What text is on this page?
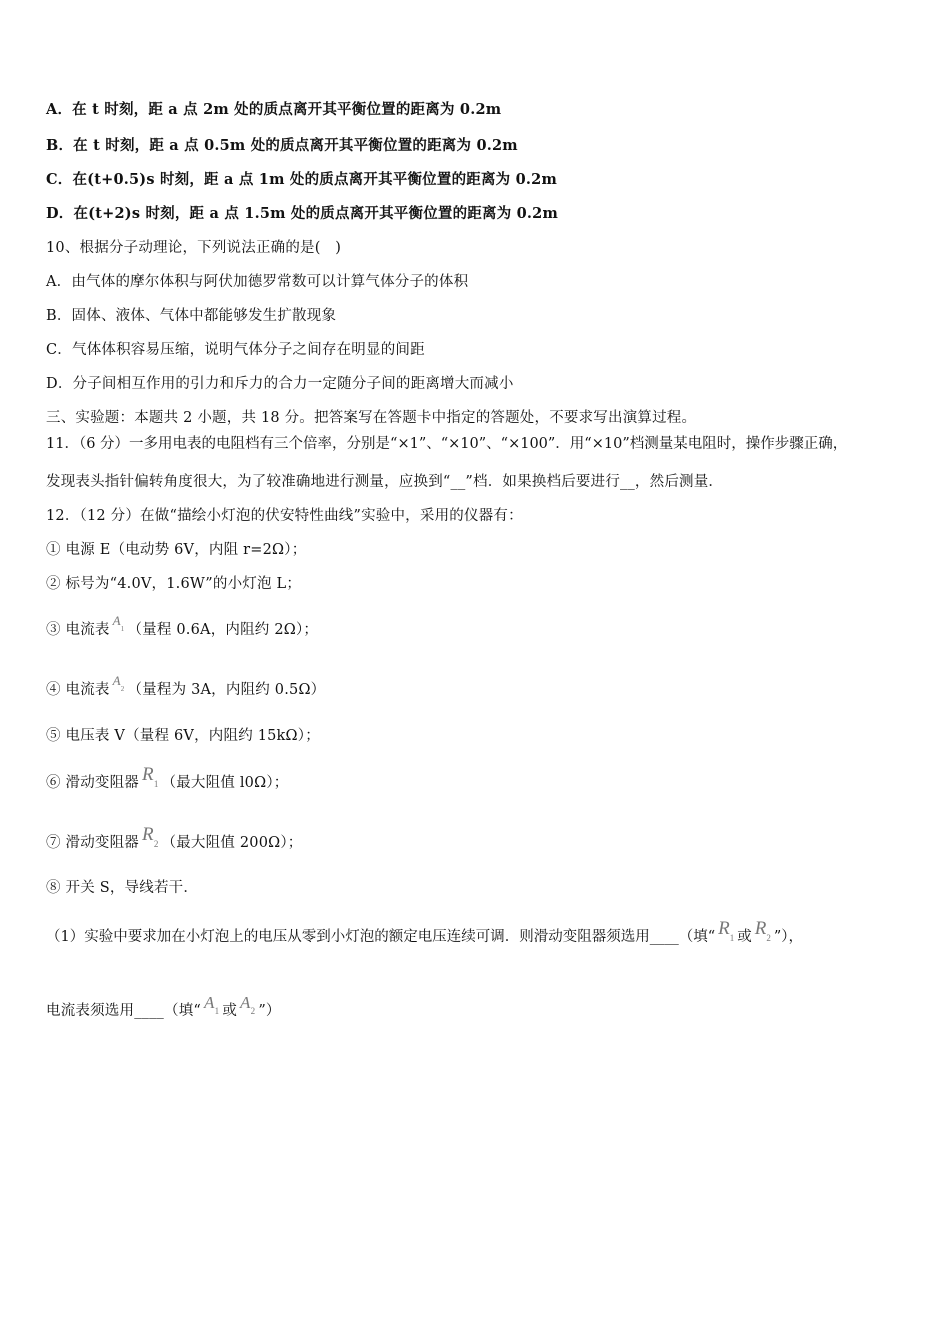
A．在 t 时刻，距 a 点 2m 处的质点离开其平衡位置的距离为 0.2m
B．在 t 时刻，距 a 点 0.5m 处的质点离开其平衡位置的距离为 0.2m
C．在(t+0.5)s 时刻，距 a 点 1m 处的质点离开其平衡位置的距离为 0.2m
D．在(t+2)s 时刻，距 a 点 1.5m 处的质点离开其平衡位置的距离为 0.2m
10、根据分子动理论，下列说法正确的是(　)
A．由气体的摩尔体积与阿伏加德罗常数可以计算气体分子的体积
B．固体、液体、气体中都能够发生扩散现象
C．气体体积容易压缩，说明气体分子之间存在明显的间距
D．分子间相互作用的引力和斥力的合力一定随分子间的距离增大而减小
三、实验题：本题共 2 小题，共 18 分。把答案写在答题卡中指定的答题处，不要求写出演算过程。
11．（6 分）一多用电表的电阻档有三个倍率，分别是“×1”、“×10”、“×100”．用“×10”档测量某电阻时，操作步骤正确，
发现表头指针偏转角度很大，为了较准确地进行测量，应换到“__”档．如果换档后要进行__，然后测量．
12．（12 分）在做“描绘小灯泡的伏安特性曲线”实验中，采用的仪器有：
① 电源 E（电动势 6V，内阻 r=2Ω）；
② 标号为“4.0V，1.6W”的小灯泡 L；
③ 电流表$A_1$ （量程 0.6A，内阻约 2Ω）；
④ 电流表$A_2$ （量程为 3A，内阻约 0.5Ω）
⑤ 电压表 V（量程 6V，内阻约 15kΩ）；
⑥ 滑动变阻器 $R_1$ （最大阻值 l0Ω）；
⑦ 滑动变阻器 $R_2$ （最大阻值 200Ω）；
⑧ 开关 S，导线若干．
（1）实验中要求加在小灯泡上的电压从零到小灯泡的额定电压连续可调．则滑动变阻器须选用____（填“ $R_1$ 或 $R_2$ ”），
电流表须选用____（填“ $A_1$ 或 $A_2$ ”）
